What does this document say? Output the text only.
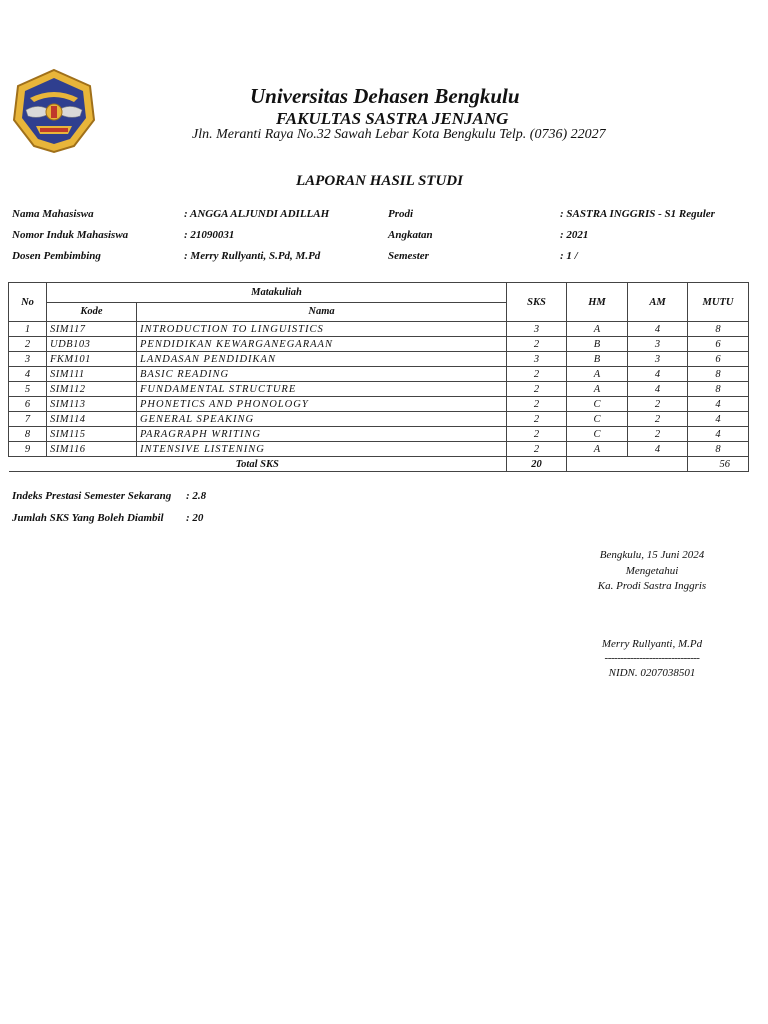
Universitas Dehasen Bengkulu
FAKULTAS SASTRA JENJANG
Jln. Meranti Raya No.32 Sawah Lebar Kota Bengkulu Telp. (0736) 22027
LAPORAN HASIL STUDI
Nama Mahasiswa	: ANGGA ALJUNDI ADILLAH
Nomor Induk Mahasiswa	: 21090031
Dosen Pembimbing	: Merry Rullyanti, S.Pd, M.Pd
Prodi	: SASTRA INGGRIS - S1 Reguler
Angkatan	: 2021
Semester	: 1 /
No	Matakuliah		SKS	HM	AM	MUTU
	Kode	Nama				
1	SIM117	INTRODUCTION TO LINGUISTICS	3	A	4	8
2	UDB103	PENDIDIKAN KEWARGANEGARAAN	2	B	3	6
3	FKM101	LANDASAN PENDIDIKAN	3	B	3	6
4	SIM111	BASIC READING	2	A	4	8
5	SIM112	FUNDAMENTAL STRUCTURE	2	A	4	8
6	SIM113	PHONETICS AND PHONOLOGY	2	C	2	4
7	SIM114	GENERAL SPEAKING	2	C	2	4
8	SIM115	PARAGRAPH WRITING	2	C	2	4
9	SIM116	INTENSIVE LISTENING	2	A	4	8
Total SKS			20			56
Indeks Prestasi Semester Sekarang : 2.8
Jumlah SKS Yang Boleh Diambil : 20
Bengkulu, 15 Juni 2024
Mengetahui
Ka. Prodi Sastra Inggris
Merry Rullyanti, M.Pd
------------------------------
NIDN. 0207038501
